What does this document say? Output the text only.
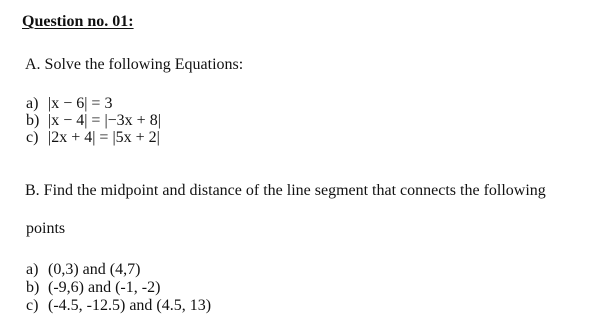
Question no. 01:
A. Solve the following Equations:
a) |x − 6| = 3
b) |x − 4| = |−3x + 8|
c) |2x + 4| = |5x + 2|
B. Find the midpoint and distance of the line segment that connects the following
points
a) (0,3) and (4,7)
b) (-9,6) and (-1, -2)
c) (-4.5, -12.5) and (4.5, 13)
